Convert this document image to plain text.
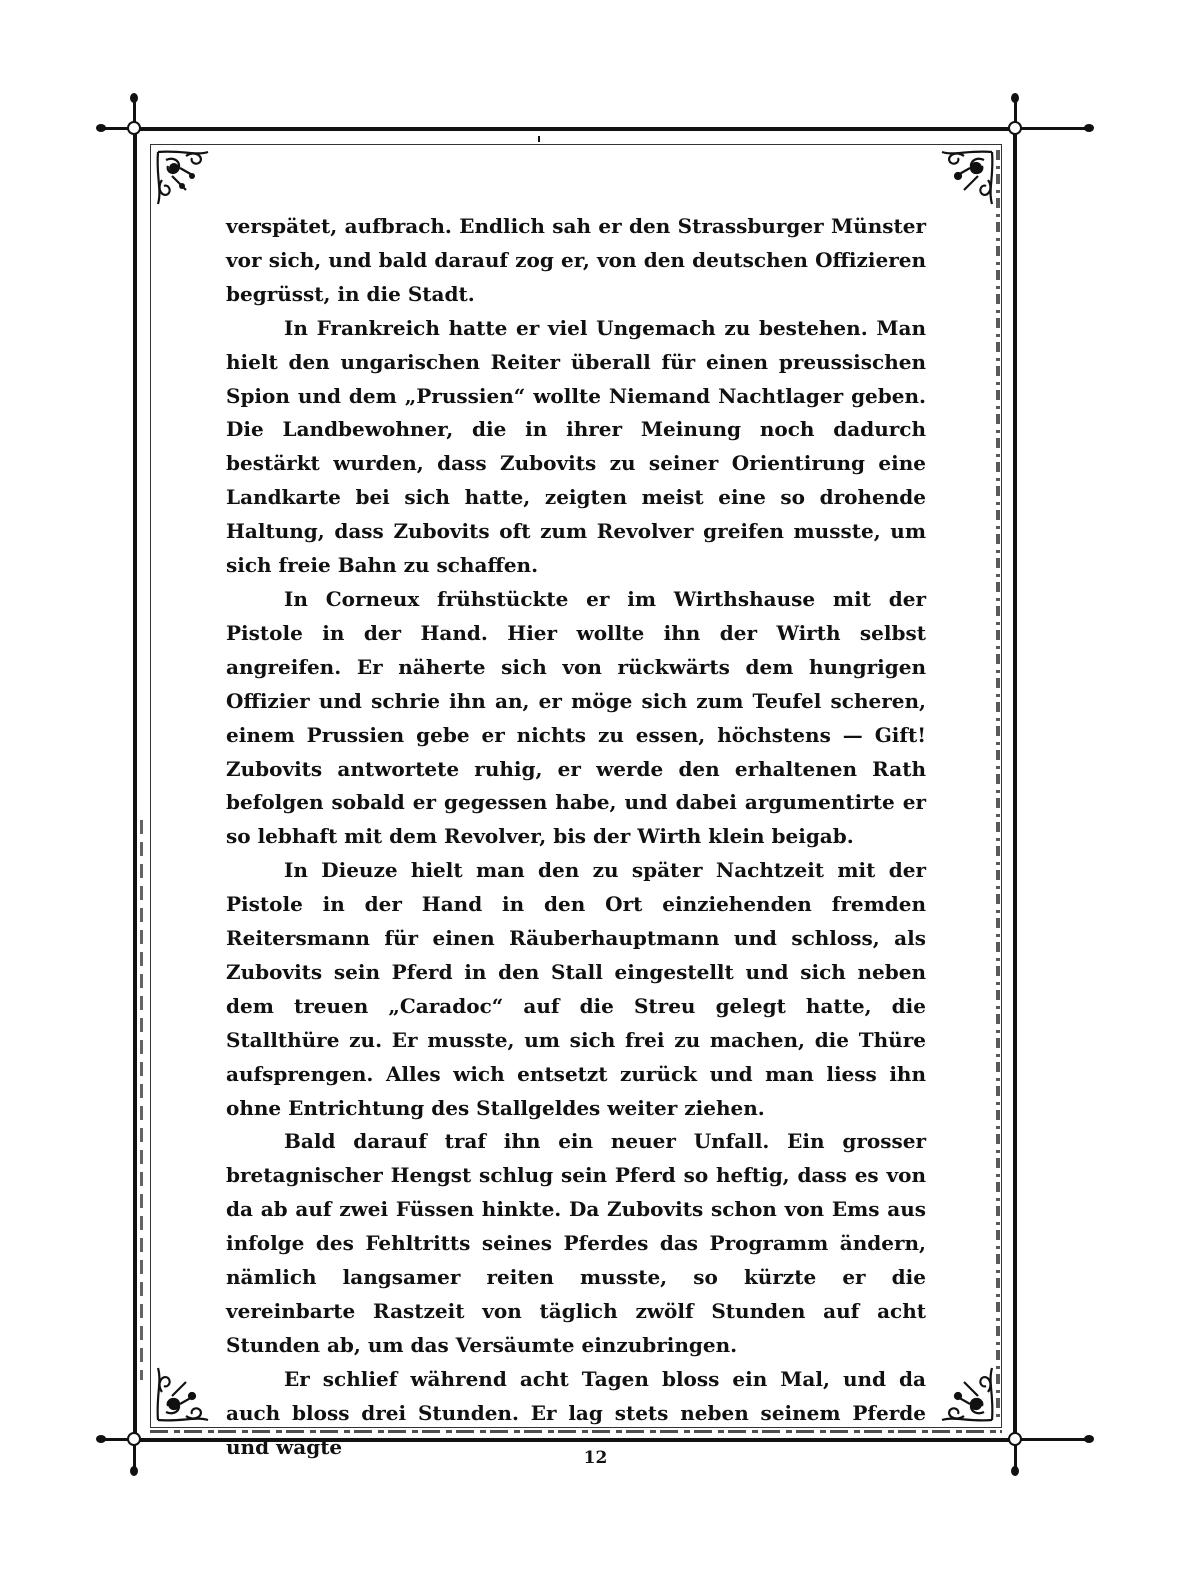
verspätet, aufbrach. Endlich sah er den Strassburger Münster vor sich, und bald darauf zog er, von den deutschen Offizieren begrüsst, in die Stadt.

In Frankreich hatte er viel Ungemach zu bestehen. Man hielt den ungarischen Reiter überall für einen preussischen Spion und dem „Prussien“ wollte Niemand Nachtlager geben. Die Landbewohner, die in ihrer Meinung noch dadurch bestärkt wurden, dass Zubovits zu seiner Orientirung eine Landkarte bei sich hatte, zeigten meist eine so drohende Haltung, dass Zubovits oft zum Revolver greifen musste, um sich freie Bahn zu schaffen.

In Corneux frühstückte er im Wirthshause mit der Pistole in der Hand. Hier wollte ihn der Wirth selbst angreifen. Er näherte sich von rückwärts dem hungrigen Offizier und schrie ihn an, er möge sich zum Teufel scheren, einem Prussien gebe er nichts zu essen, höchstens — Gift! Zubovits antwortete ruhig, er werde den erhaltenen Rath befolgen sobald er gegessen habe, und dabei argumentirte er so lebhaft mit dem Revolver, bis der Wirth klein beigab.

In Dieuze hielt man den zu später Nachtzeit mit der Pistole in der Hand in den Ort einziehenden fremden Reitersmann für einen Räuberhauptmann und schloss, als Zubovits sein Pferd in den Stall eingestellt und sich neben dem treuen „Caradoc“ auf die Streu gelegt hatte, die Stallthüre zu. Er musste, um sich frei zu machen, die Thüre aufsprengen. Alles wich entsetzt zurück und man liess ihn ohne Entrichtung des Stallgeldes weiter ziehen.

Bald darauf traf ihn ein neuer Unfall. Ein grosser bretagnischer Hengst schlug sein Pferd so heftig, dass es von da ab auf zwei Füssen hinkte. Da Zubovits schon von Ems aus infolge des Fehltritts seines Pferdes das Programm ändern, nämlich langsamer reiten musste, so kürzte er die vereinbarte Rastzeit von täglich zwölf Stunden auf acht Stunden ab, um das Versäumte einzubringen.

Er schlief während acht Tagen bloss ein Mal, und da auch bloss drei Stunden. Er lag stets neben seinem Pferde und wagte	12
